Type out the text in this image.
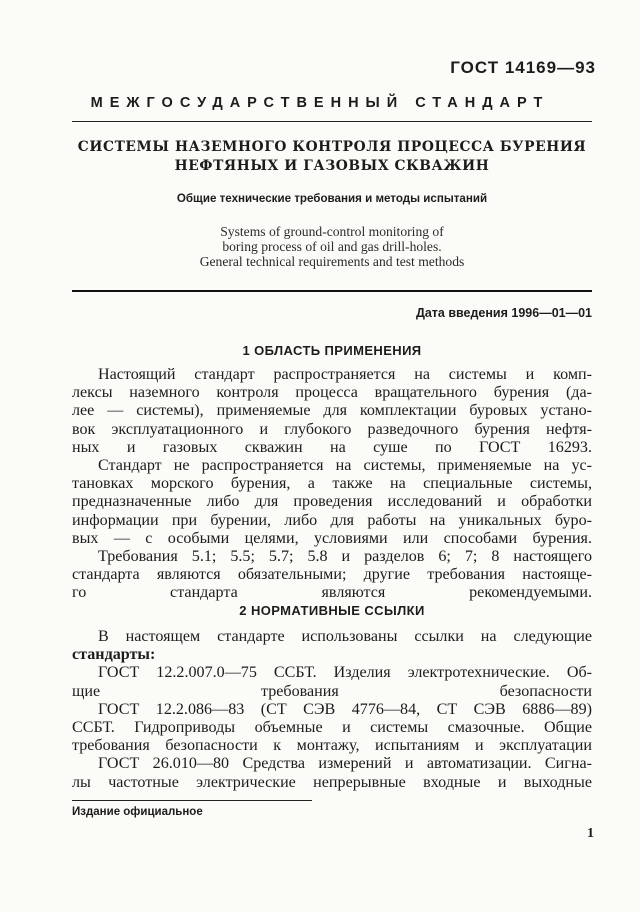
ГОСТ 14169—93
МЕЖГОСУДАРСТВЕННЫЙ СТАНДАРТ
СИСТЕМЫ НАЗЕМНОГО КОНТРОЛЯ ПРОЦЕССА БУРЕНИЯ
НЕФТЯНЫХ И ГАЗОВЫХ СКВАЖИН
Общие технические требования и методы испытаний
Systems of ground-control monitoring of
boring process of oil and gas drill-holes.
General technical requirements and test methods
Дата введения 1996—01—01
1 ОБЛАСТЬ ПРИМЕНЕНИЯ

Настоящий стандарт распространяется на системы и комп-
лексы наземного контроля процесса вращательного бурения (да-
лее — системы), применяемые для комплектации буровых устано-
вок эксплуатационного и глубокого разведочного бурения нефтя-
ных и газовых скважин на суше по ГОСТ 16293.

Стандарт не распространяется на системы, применяемые на ус-
тановках морского бурения, а также на специальные системы,
предназначенные либо для проведения исследований и обработки
информации при бурении, либо для работы на уникальных буро-
вых — с особыми целями, условиями или способами бурения.

Требования 5.1; 5.5; 5.7; 5.8 и разделов 6; 7; 8 настоящего
стандарта являются обязательными; другие требования настояще-
го стандарта являются рекомендуемыми.

2 НОРМАТИВНЫЕ ССЫЛКИ

В настоящем стандарте использованы ссылки на следующие
стандарты:

ГОСТ 12.2.007.0—75 ССБТ. Изделия электротехнические. Об-
щие требования безопасности

ГОСТ 12.2.086—83 (СТ СЭВ 4776—84, СТ СЭВ 6886—89)
ССБТ. Гидроприводы объемные и системы смазочные. Общие
требования безопасности к монтажу, испытаниям и эксплуатации

ГОСТ 26.010—80 Средства измерений и автоматизации. Сигна-
лы частотные электрические непрерывные входные и выходные

Издание официальное
1
